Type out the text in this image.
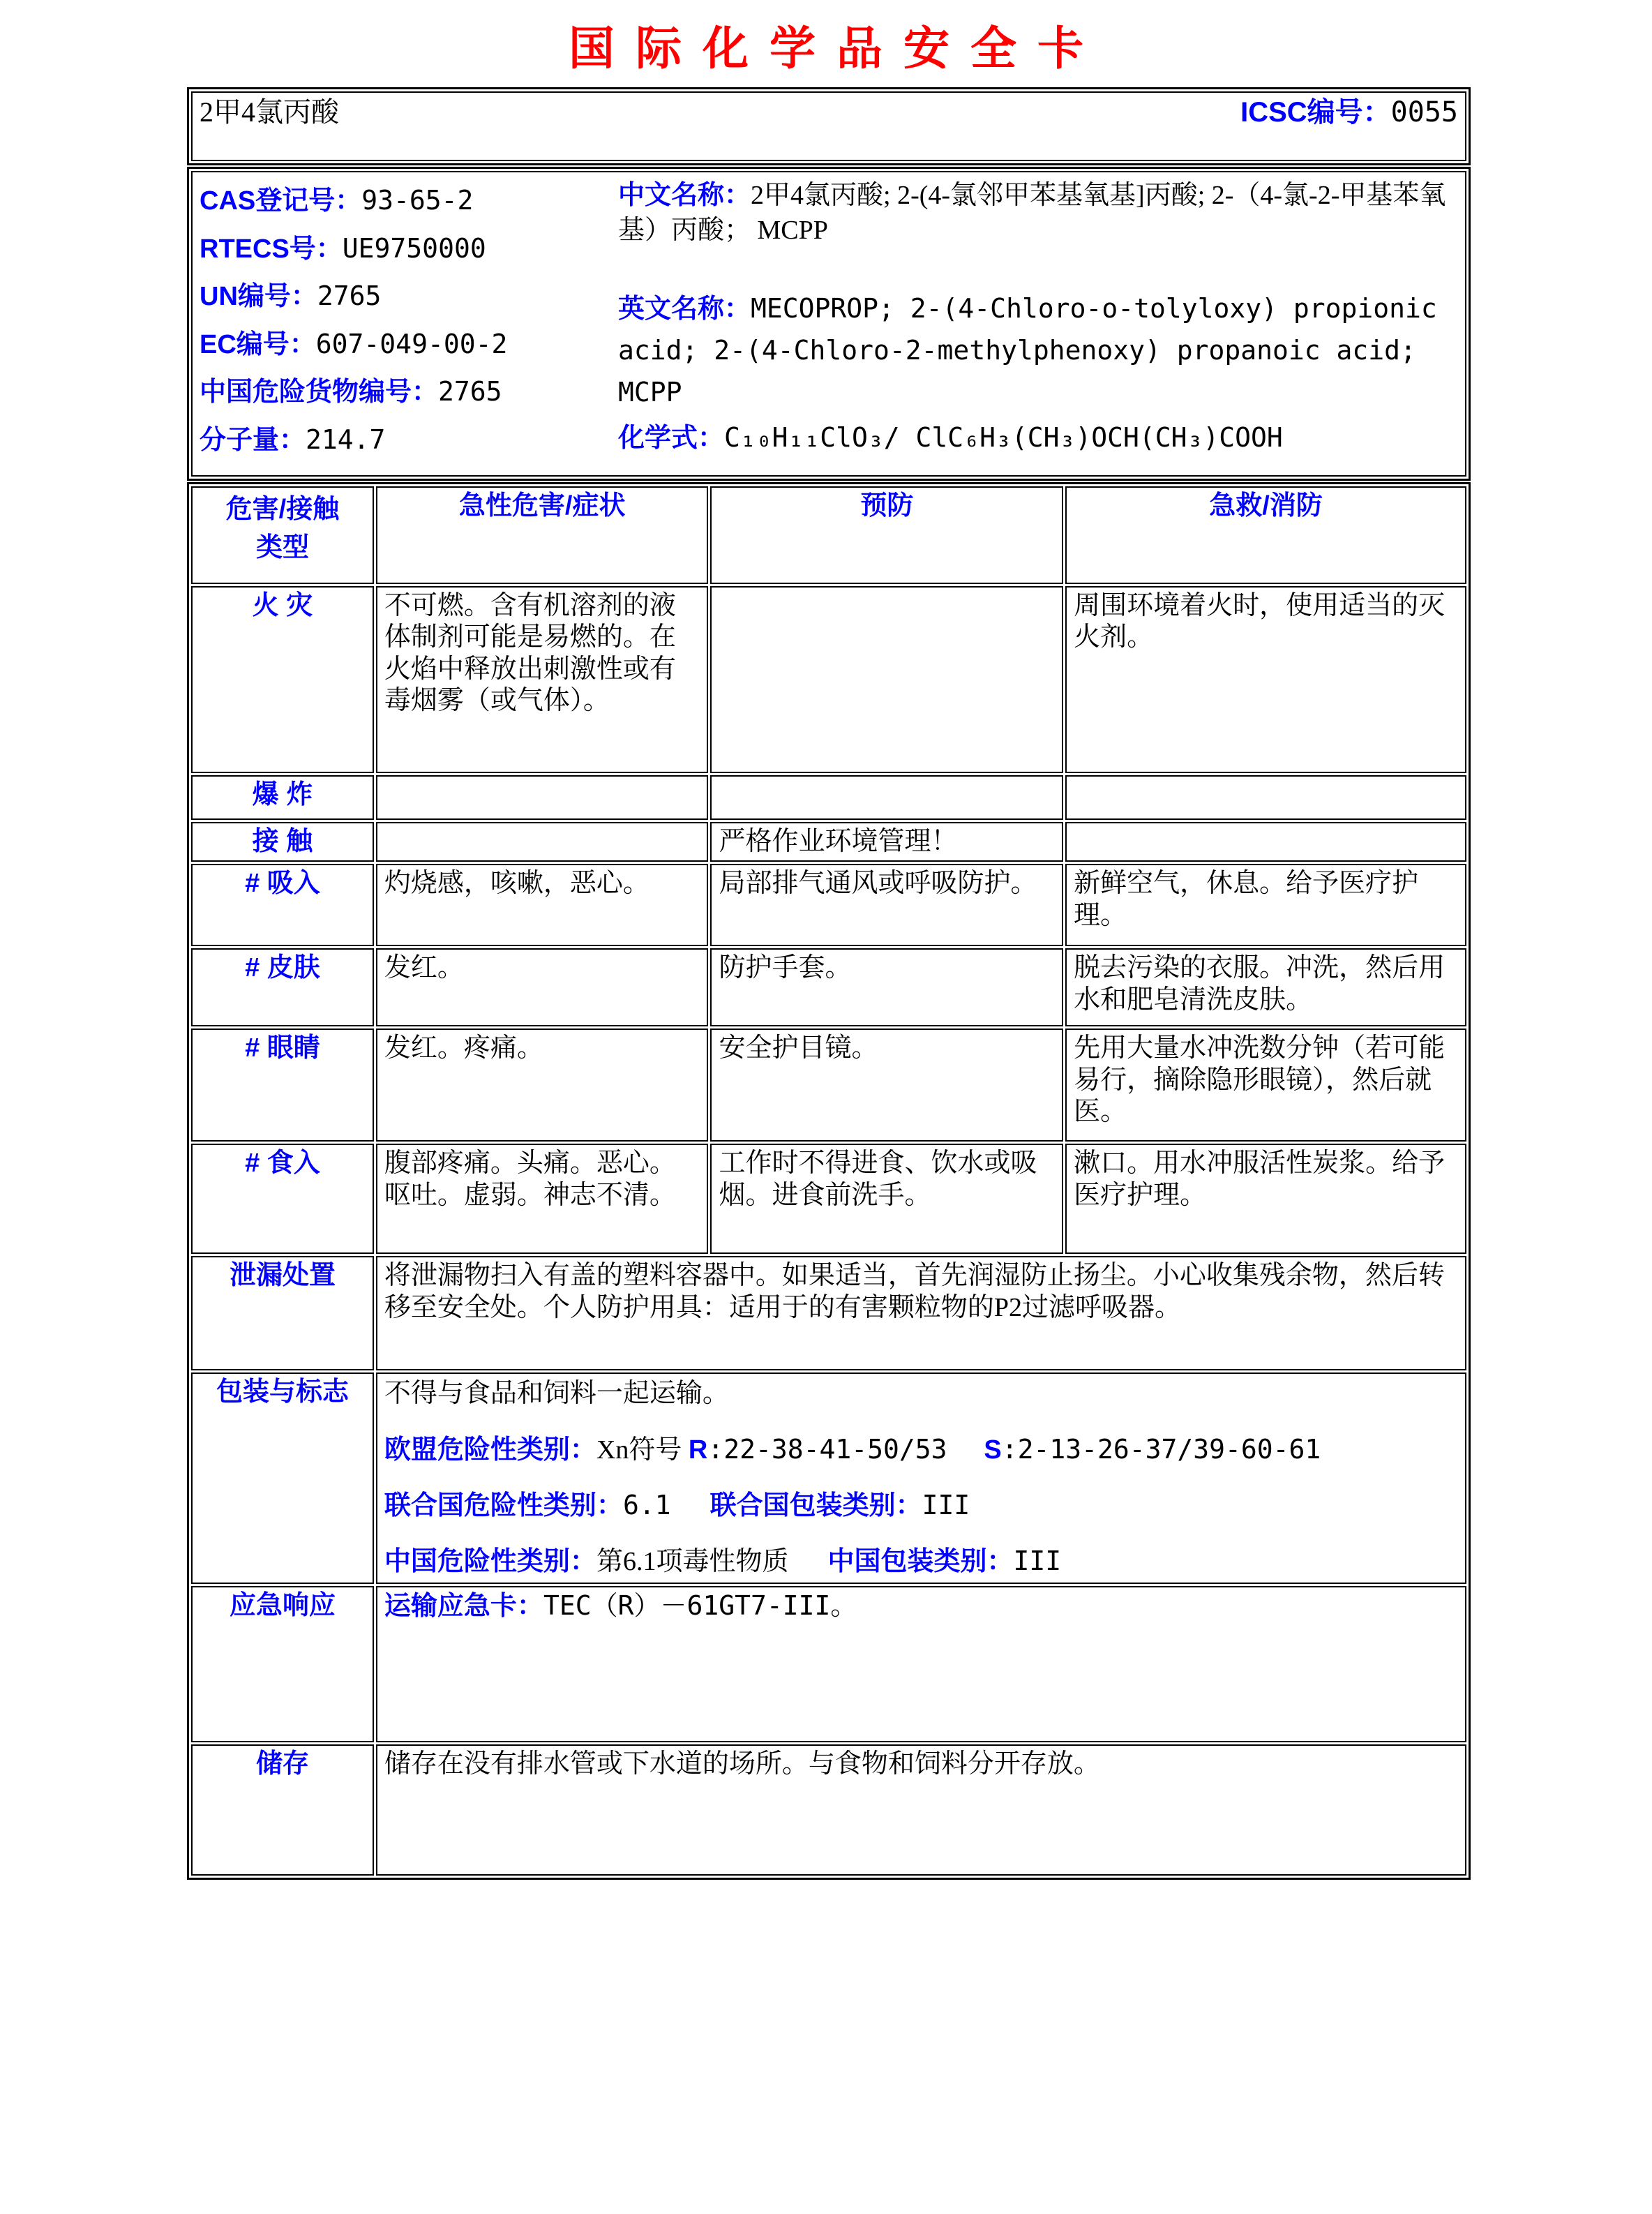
国际化学品安全卡
2甲4氯丙酸	ICSC编号：0055
CAS登记号：93-65-2
RTECS号：UE9750000
UN编号：2765
EC编号：607-049-00-2
中国危险货物编号：2765
分子量：214.7

中文名称：2甲4氯丙酸; 2-(4-氯邻甲苯基氧基]丙酸; 2-（4-氯-2-甲基苯氧基）丙酸； MCPP

英文名称：MECOPROP; 2-(4-Chloro-o-tolyloxy) propionic acid; 2-(4-Chloro-2-methylphenoxy) propanoic acid; MCPP

化学式：C₁₀H₁₁ClO₃/ ClC₆H₃(CH₃)OCH(CH₃)COOH

危害/接触
类型	急性危害/症状	预防	急救/消防
火 灾	不可燃。含有机溶剂的液体制剂可能是易燃的。在火焰中释放出刺激性或有毒烟雾（或气体）。		周围环境着火时，使用适当的灭火剂。
爆 炸			
接 触		严格作业环境管理！	
# 吸入	灼烧感，咳嗽，恶心。	局部排气通风或呼吸防护。	新鲜空气，休息。给予医疗护理。
# 皮肤	发红。	防护手套。	脱去污染的衣服。冲洗，然后用水和肥皂清洗皮肤。
# 眼睛	发红。疼痛。	安全护目镜。	先用大量水冲洗数分钟（若可能易行，摘除隐形眼镜），然后就医。
# 食入	腹部疼痛。头痛。恶心。呕吐。虚弱。神志不清。	工作时不得进食、饮水或吸烟。进食前洗手。	漱口。用水冲服活性炭浆。给予医疗护理。
泄漏处置	将泄漏物扫入有盖的塑料容器中。如果适当，首先润湿防止扬尘。小心收集残余物，然后转移至安全处。个人防护用具：适用于的有害颗粒物的P2过滤呼吸器。		
包装与标志	不得与食品和饲料一起运输。

欧盟危险性类别：Xn符号 R:22-38-41-50/53 S:2-13-26-37/39-60-61

联合国危险性类别：6.1 联合国包装类别：III

中国危险性类别：第6.1项毒性物质 中国包装类别：III		

应急响应	运输应急卡：TEC（R）－61GT7-III。		
储存	储存在没有排水管或下水道的场所。与食物和饲料分开存放。		
